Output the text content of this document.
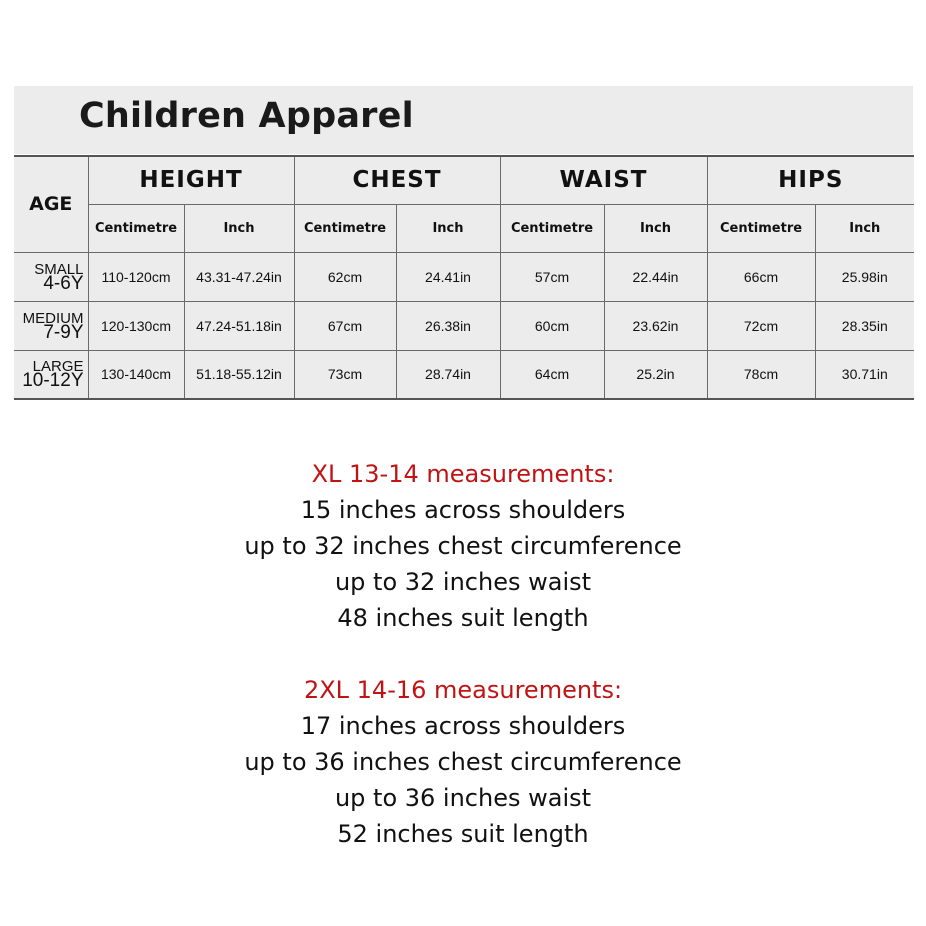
Children Apparel
AGE	HEIGHT		CHEST		WAIST		HIPS	
	Centimetre	Inch	Centimetre	Inch	Centimetre	Inch	Centimetre	Inch

SMALL
4-6Y	110-120cm	43.31-47.24in	62cm	24.41in	57cm	22.44in	66cm	25.98in

MEDIUM
7-9Y	120-130cm	47.24-51.18in	67cm	26.38in	60cm	23.62in	72cm	28.35in

LARGE
10-12Y	130-140cm	51.18-55.12in	73cm	28.74in	64cm	25.2in	78cm	30.71in
XL 13-14 measurements:
15 inches across shoulders
up to 32 inches chest circumference
up to 32 inches waist
48 inches suit length
2XL 14-16 measurements:
17 inches across shoulders
up to 36 inches chest circumference
up to 36 inches waist
52 inches suit length
